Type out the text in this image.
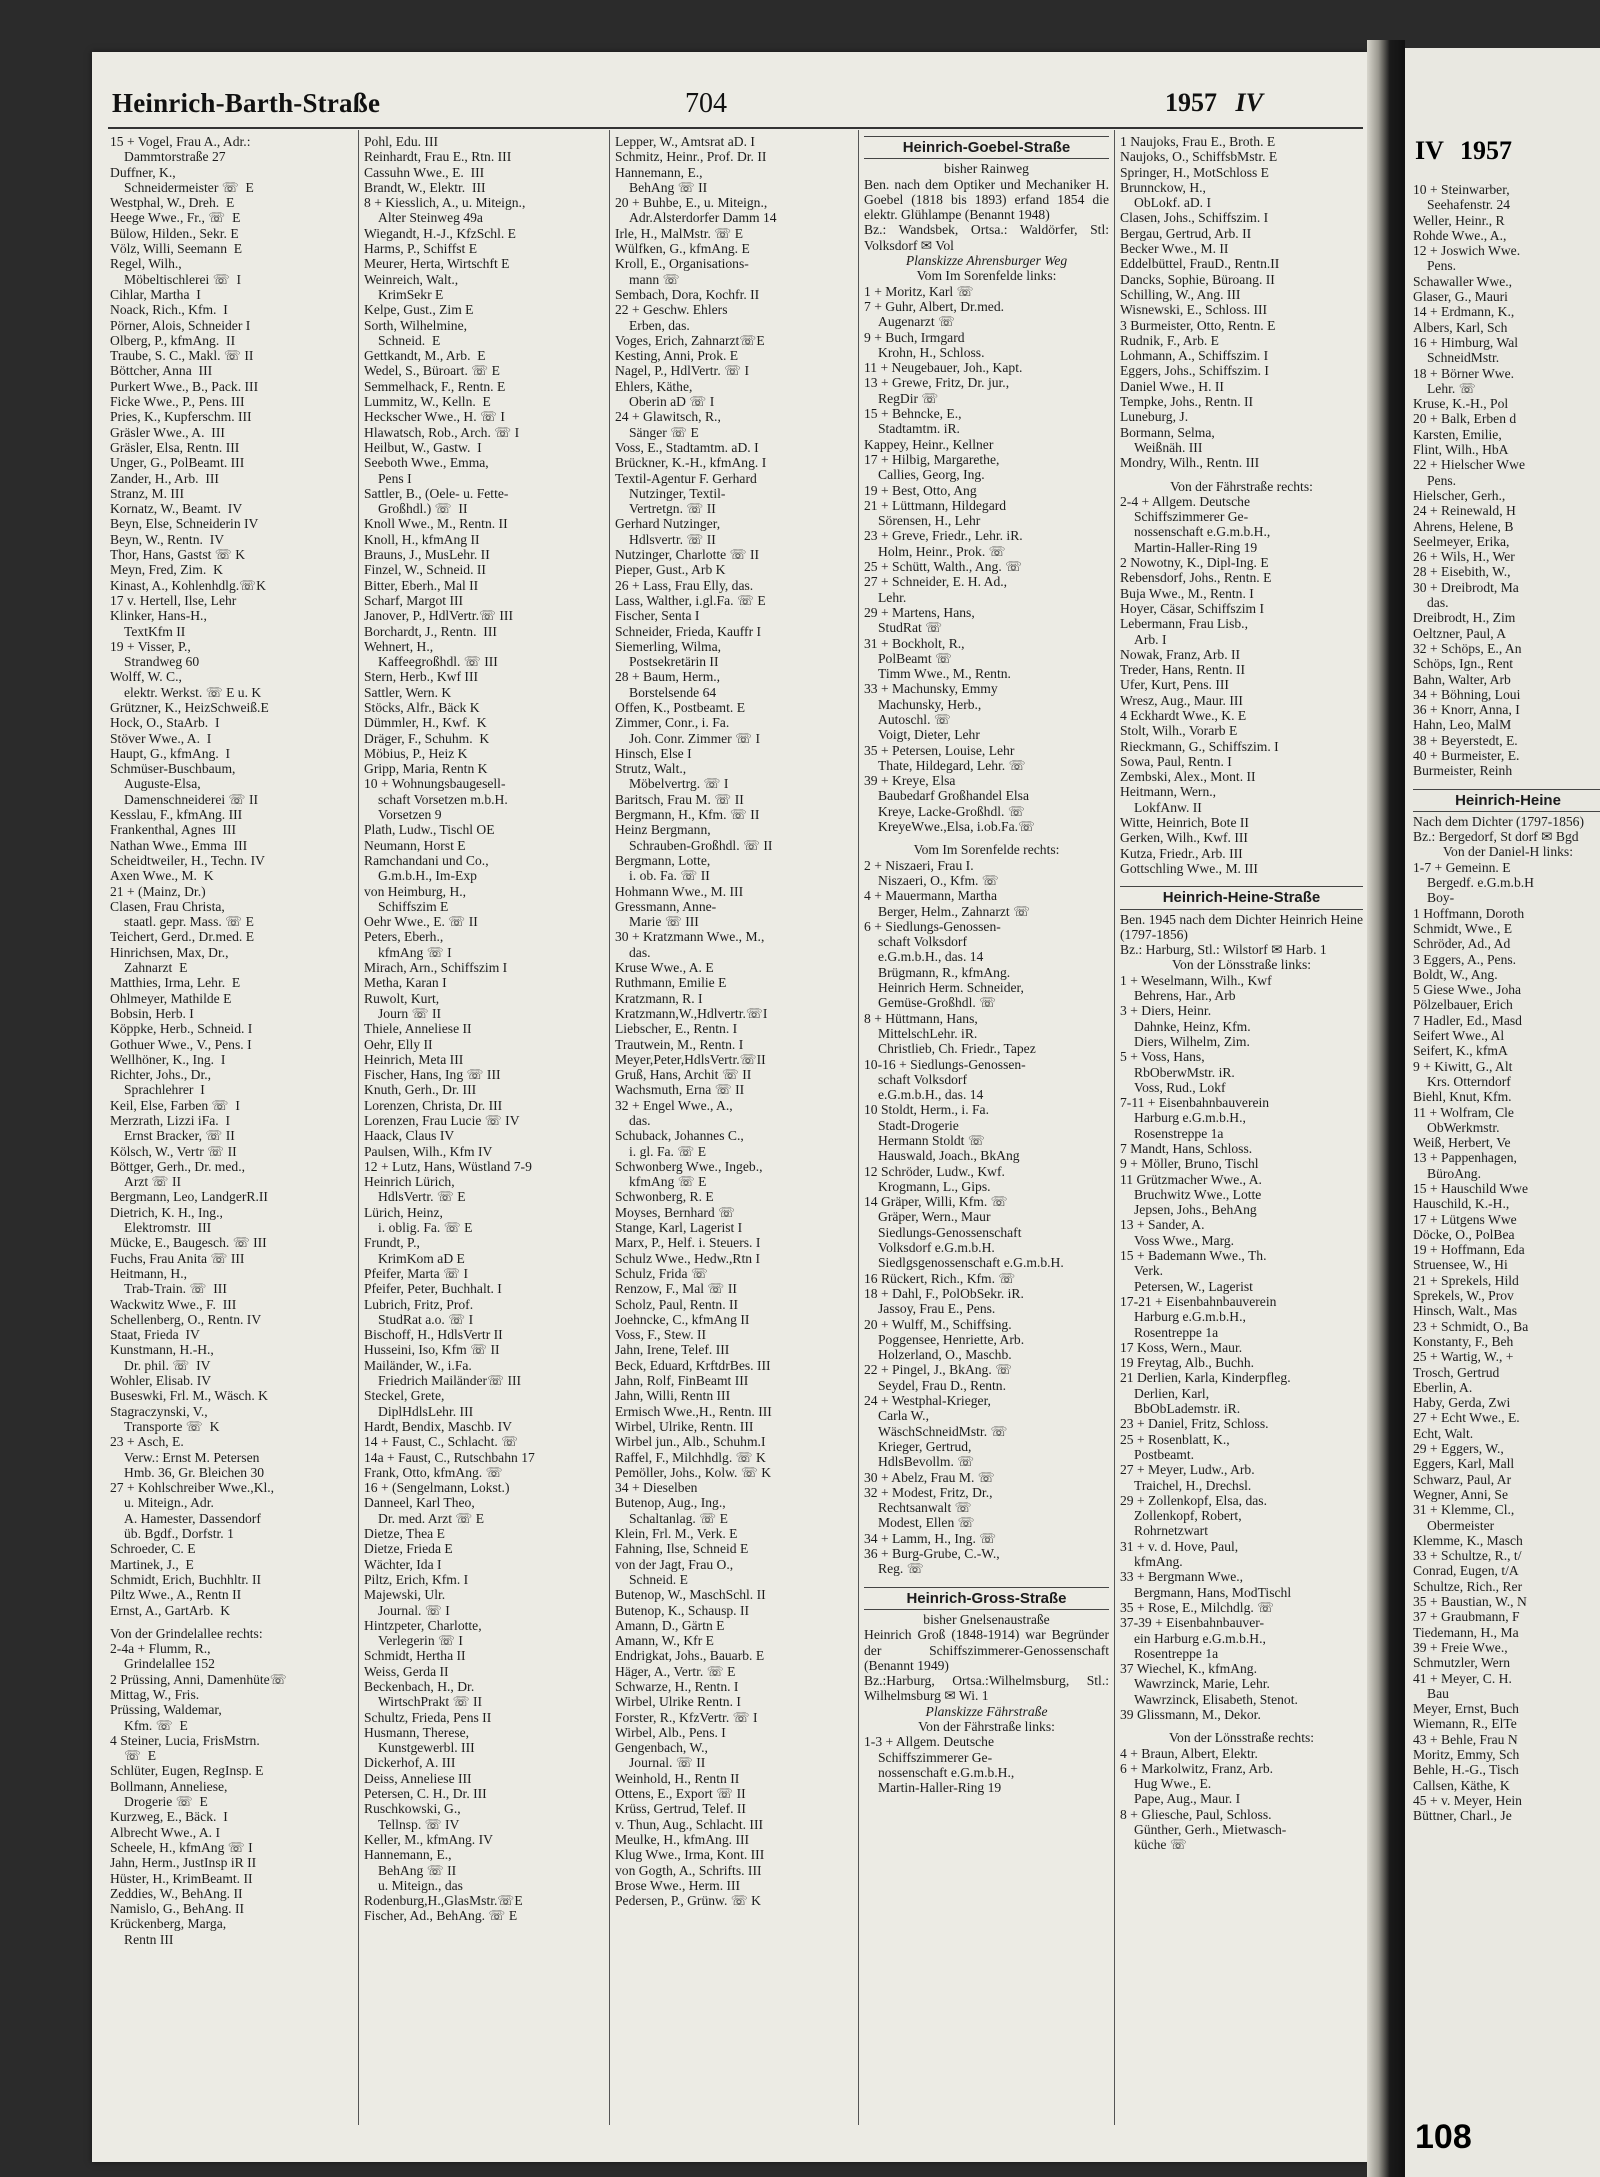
IV 1957
10 + Steinwarber,
Seehafenstr. 24
Weller, Heinr., R
Rohde Wwe., A.,
12 + Joswich Wwe.
Pens.
Schawaller Wwe.,
Glaser, G., Mauri
14 + Erdmann, K.,
Albers, Karl, Sch
16 + Himburg, Wal
SchneidMstr.
18 + Börner Wwe.
Lehr. ☏
Kruse, K.-H., Pol
20 + Balk, Erben d
Karsten, Emilie,
Flint, Wilh., HbA
22 + Hielscher Wwe
Pens.
Hielscher, Gerh.,
24 + Reinewald, H
Ahrens, Helene, B
Seelmeyer, Erika,
26 + Wils, H., Wer
28 + Eisebith, W.,
30 + Dreibrodt, Ma
das.
Dreibrodt, H., Zim
Oeltzner, Paul, A
32 + Schöps, E., An
Schöps, Ign., Rent
Bahn, Walter, Arb
34 + Böhning, Loui
36 + Knorr, Anna, I
Hahn, Leo, MalM
38 + Beyerstedt, E.
40 + Burmeister, E.
Burmeister, Reinh
Heinrich-Heine
Nach dem Dichter (1797-1856)
Bz.: Bergedorf, St dorf ✉ Bgd
Von der Daniel-H links:
1-7 + Gemeinn. E
Bergedf. e.G.m.b.H
Boy-
1 Hoffmann, Doroth
Schmidt, Wwe., E
Schröder, Ad., Ad
3 Eggers, A., Pens.
Boldt, W., Ang.
5 Giese Wwe., Joha
Pölzelbauer, Erich
7 Hadler, Ed., Masd
Seifert Wwe., Al
Seifert, K., kfmA
9 + Kiwitt, G., Alt
Krs. Otterndorf
Biehl, Knut, Kfm.
11 + Wolfram, Cle
ObWerkmstr.
Weiß, Herbert, Ve
13 + Pappenhagen,
BüroAng.
15 + Hauschild Wwe
Hauschild, K.-H.,
17 + Lütgens Wwe
Döcke, O., PolBea
19 + Hoffmann, Eda
Struensee, W., Hi
21 + Sprekels, Hild
Sprekels, W., Prov
Hinsch, Walt., Mas
23 + Schmidt, O., Ba
Konstanty, F., Beh
25 + Wartig, W., +
Trosch, Gertrud
Eberlin, A.
Haby, Gerda, Zwi
27 + Echt Wwe., E.
Echt, Walt.
29 + Eggers, W.,
Eggers, Karl, Mall
Schwarz, Paul, Ar
Wegner, Anni, Se
31 + Klemme, Cl.,
Obermeister
Klemme, K., Masch
33 + Schultze, R., t/
Conrad, Eugen, t/A
Schultze, Rich., Rer
35 + Baustian, W., N
37 + Graubmann, F
Tiedemann, H., Ma
39 + Freie Wwe.,
Schmutzler, Wern
41 + Meyer, C. H.
Bau
Meyer, Ernst, Buch
Wiemann, R., ElTe
43 + Behle, Frau N
Moritz, Emmy, Sch
Behle, H.-G., Tisch
Callsen, Käthe, K
45 + v. Meyer, Hein
Büttner, Charl., Je
108
Heinrich-Barth-Straße	704	1957 IV
15 + Vogel, Frau A., Adr.:
Dammtorstraße 27
Duffner, K.,
Schneidermeister ☏  E
Westphal, W., Dreh.  E
Heege Wwe., Fr., ☏  E
Bülow, Hilden., Sekr. E
Völz, Willi, Seemann  E
Regel, Wilh.,
Möbeltischlerei ☏  I
Cihlar, Martha  I
Noack, Rich., Kfm.  I
Pörner, Alois, Schneider I
Olberg, P., kfmAng.  II
Traube, S. C., Makl. ☏ II
Böttcher, Anna  III
Purkert Wwe., B., Pack. III
Ficke Wwe., P., Pens. III
Pries, K., Kupferschm. III
Gräsler Wwe., A.  III
Gräsler, Elsa, Rentn. III
Unger, G., PolBeamt. III
Zander, H., Arb.  III
Stranz, M. III
Kornatz, W., Beamt.  IV
Beyn, Else, Schneiderin IV
Beyn, W., Rentn.  IV
Thor, Hans, Gastst ☏ K
Meyn, Fred, Zim.  K
Kinast, A., Kohlenhdlg.☏K
17 v. Hertell, Ilse, Lehr
Klinker, Hans-H.,
TextKfm II
19 + Visser, P.,
Strandweg 60
Wolff, W. C.,
elektr. Werkst. ☏ E u. K
Grützner, K., HeizSchweiß.E
Hock, O., StaArb.  I
Stöver Wwe., A.  I
Haupt, G., kfmAng.  I
Schmüser-Buschbaum,
Auguste-Elsa,
Damenschneiderei ☏ II
Kesslau, F., kfmAng. III
Frankenthal, Agnes  III
Nathan Wwe., Emma  III
Scheidtweiler, H., Techn. IV
Axen Wwe., M.  K
21 + (Mainz, Dr.)
Clasen, Frau Christa,
staatl. gepr. Mass. ☏ E
Teichert, Gerd., Dr.med. E
Hinrichsen, Max, Dr.,
Zahnarzt  E
Matthies, Irma, Lehr.  E
Ohlmeyer, Mathilde E
Bobsin, Herb. I
Köppke, Herb., Schneid. I
Gothuer Wwe., V., Pens. I
Wellhöner, K., Ing.  I
Richter, Johs., Dr.,
Sprachlehrer  I
Keil, Else, Farben ☏  I
Merzrath, Lizzi iFa.  I
Ernst Bracker, ☏ II
Kölsch, W., Vertr ☏ II
Böttger, Gerh., Dr. med.,
Arzt ☏ II
Bergmann, Leo, LandgerR.II
Dietrich, K. H., Ing.,
Elektromstr.  III
Mücke, E., Baugesch. ☏ III
Fuchs, Frau Anita ☏ III
Heitmann, H.,
Trab-Train. ☏  III
Wackwitz Wwe., F.  III
Schellenberg, O., Rentn. IV
Staat, Frieda  IV
Kunstmann, H.-H.,
Dr. phil. ☏  IV
Wohler, Elisab. IV
Buseswki, Frl. M., Wäsch. K
Stagraczynski, V.,
Transporte ☏  K
23 + Asch, E.
Verw.: Ernst M. Petersen
Hmb. 36, Gr. Bleichen 30
27 + Kohlschreiber Wwe.,Kl.,
u. Miteign., Adr.
A. Hamester, Dassendorf
üb. Bgdf., Dorfstr. 1
Schroeder, C. E
Martinek, J.,  E
Schmidt, Erich, Buchhltr. II
Piltz Wwe., A., Rentn II
Ernst, A., GartArb.  K
Von der Grindelallee rechts:
2-4a + Flumm, R.,
Grindelallee 152
2 Prüssing, Anni, Damenhüte☏
Mittag, W., Fris.
Prüssing, Waldemar,
Kfm. ☏  E
4 Steiner, Lucia, FrisMstrn.
☏  E
Schlüter, Eugen, RegInsp. E
Bollmann, Anneliese,
Drogerie ☏  E
Kurzweg, E., Bäck.  I
Albrecht Wwe., A. I
Scheele, H., kfmAng ☏ I
Jahn, Herm., JustInsp iR II
Hüster, H., KrimBeamt. II
Zeddies, W., BehAng. II
Namislo, G., BehAng. II
Krückenberg, Marga,
Rentn III
Pohl, Edu. III
Reinhardt, Frau E., Rtn. III
Cassuhn Wwe., E.  III
Brandt, W., Elektr.  III
8 + Kiesslich, A., u. Miteign.,
Alter Steinweg 49a
Wiegandt, H.-J., KfzSchl. E
Harms, P., Schiffst E
Meurer, Herta, Wirtschft E
Weinreich, Walt.,
KrimSekr E
Kelpe, Gust., Zim E
Sorth, Wilhelmine,
Schneid.  E
Gettkandt, M., Arb.  E
Wedel, S., Büroart. ☏ E
Semmelhack, F., Rentn. E
Lummitz, W., Kelln.  E
Heckscher Wwe., H. ☏ I
Hlawatsch, Rob., Arch. ☏ I
Heilbut, W., Gastw.  I
Seeboth Wwe., Emma,
Pens I
Sattler, B., (Oele- u. Fette-
Großhdl.) ☏  II
Knoll Wwe., M., Rentn. II
Knoll, H., kfmAng II
Brauns, J., MusLehr. II
Finzel, W., Schneid. II
Bitter, Eberh., Mal II
Scharf, Margot III
Janover, P., HdlVertr.☏ III
Borchardt, J., Rentn.  III
Wehnert, H.,
Kaffeegroßhdl. ☏ III
Stern, Herb., Kwf III
Sattler, Wern. K
Stöcks, Alfr., Bäck K
Dümmler, H., Kwf.  K
Dräger, F., Schuhm.  K
Möbius, P., Heiz K
Gripp, Maria, Rentn K
10 + Wohnungsbaugesell-
schaft Vorsetzen m.b.H.
Vorsetzen 9
Plath, Ludw., Tischl OE
Neumann, Horst E
Ramchandani und Co.,
G.m.b.H., Im-Exp
von Heimburg, H.,
Schiffszim E
Oehr Wwe., E. ☏ II
Peters, Eberh.,
kfmAng ☏ I
Mirach, Arn., Schiffszim I
Metha, Karan I
Ruwolt, Kurt,
Journ ☏ II
Thiele, Anneliese II
Oehr, Elly II
Heinrich, Meta III
Fischer, Hans, Ing ☏ III
Knuth, Gerh., Dr. III
Lorenzen, Christa, Dr. III
Lorenzen, Frau Lucie ☏ IV
Haack, Claus IV
Paulsen, Wilh., Kfm IV
12 + Lutz, Hans, Wüstland 7-9
Heinrich Lürich,
HdlsVertr. ☏ E
Lürich, Heinz,
i. oblig. Fa. ☏ E
Frundt, P.,
KrimKom aD E
Pfeifer, Marta ☏ I
Pfeifer, Peter, Buchhalt. I
Lubrich, Fritz, Prof.
StudRat a.o. ☏ I
Bischoff, H., HdlsVertr II
Husseini, Iso, Kfm ☏ II
Mailänder, W., i.Fa.
Friedrich Mailänder☏ III
Steckel, Grete,
DiplHdlsLehr. III
Hardt, Bendix, Maschb. IV
14 + Faust, C., Schlacht. ☏
14a + Faust, C., Rutschbahn 17
Frank, Otto, kfmAng. ☏
16 + (Sengelmann, Lokst.)
Danneel, Karl Theo,
Dr. med. Arzt ☏ E
Dietze, Thea E
Dietze, Frieda E
Wächter, Ida I
Piltz, Erich, Kfm. I
Majewski, Ulr.
Journal. ☏ I
Hintzpeter, Charlotte,
Verlegerin ☏ I
Schmidt, Hertha II
Weiss, Gerda II
Beckenbach, H., Dr.
WirtschPrakt ☏ II
Schultz, Frieda, Pens II
Husmann, Therese,
Kunstgewerbl. III
Dickerhof, A. III
Deiss, Anneliese III
Petersen, C. H., Dr. III
Ruschkowski, G.,
Tellnsp. ☏ IV
Keller, M., kfmAng. IV
Hannemann, E.,
BehAng ☏ II
u. Miteign., das
Rodenburg,H.,GlasMstr.☏E
Fischer, Ad., BehAng. ☏ E
Lepper, W., Amtsrat aD. I
Schmitz, Heinr., Prof. Dr. II
Hannemann, E.,
BehAng ☏ II
20 + Buhbe, E., u. Miteign.,
Adr.Alsterdorfer Damm 14
Irle, H., MalMstr. ☏ E
Wülfken, G., kfmAng. E
Kroll, E., Organisations-
mann ☏
Sembach, Dora, Kochfr. II
22 + Geschw. Ehlers
Erben, das.
Voges, Erich, Zahnarzt☏E
Kesting, Anni, Prok. E
Nagel, P., HdlVertr. ☏ I
Ehlers, Käthe,
Oberin aD ☏ I
24 + Glawitsch, R.,
Sänger ☏ E
Voss, E., Stadtamtm. aD. I
Brückner, K.-H., kfmAng. I
Textil-Agentur F. Gerhard
Nutzinger, Textil-
Vertretgn. ☏ II
Gerhard Nutzinger,
Hdlsvertr. ☏ II
Nutzinger, Charlotte ☏ II
Pieper, Gust., Arb K
26 + Lass, Frau Elly, das.
Lass, Walther, i.gl.Fa. ☏ E
Fischer, Senta I
Schneider, Frieda, Kauffr I
Siemerling, Wilma,
Postsekretärin II
28 + Baum, Herm.,
Borstelsende 64
Offen, K., Postbeamt. E
Zimmer, Conr., i. Fa.
Joh. Conr. Zimmer ☏ I
Hinsch, Else I
Strutz, Walt.,
Möbelvertrg. ☏ I
Baritsch, Frau M. ☏ II
Bergmann, H., Kfm. ☏ II
Heinz Bergmann,
Schrauben-Großhdl. ☏ II
Bergmann, Lotte,
i. ob. Fa. ☏ II
Hohmann Wwe., M. III
Gressmann, Anne-
Marie ☏ III
30 + Kratzmann Wwe., M.,
das.
Kruse Wwe., A. E
Ruthmann, Emilie E
Kratzmann, R. I
Kratzmann,W.,Hdlvertr.☏I
Liebscher, E., Rentn. I
Trautwein, M., Rentn. I
Meyer,Peter,HdlsVertr.☏II
Gruß, Hans, Archit ☏ II
Wachsmuth, Erna ☏ II
32 + Engel Wwe., A.,
das.
Schuback, Johannes C.,
i. gl. Fa. ☏ E
Schwonberg Wwe., Ingeb.,
kfmAng ☏ E
Schwonberg, R. E
Moyses, Bernhard ☏
Stange, Karl, Lagerist I
Marx, P., Helf. i. Steuers. I
Schulz Wwe., Hedw.,Rtn I
Schulz, Frida ☏
Renzow, F., Mal ☏ II
Scholz, Paul, Rentn. II
Joehncke, C., kfmAng II
Voss, F., Stew. II
Jahn, Irene, Telef. III
Beck, Eduard, KrftdrBes. III
Jahn, Rolf, FinBeamt III
Jahn, Willi, Rentn III
Ermisch Wwe.,H., Rentn. III
Wirbel, Ulrike, Rentn. III
Wirbel jun., Alb., Schuhm.I
Raffel, F., Milchhdlg. ☏ K
Pemöller, Johs., Kolw. ☏ K
34 + Dieselben
Butenop, Aug., Ing.,
Schaltanlag. ☏ E
Klein, Frl. M., Verk. E
Fahning, Ilse, Schneid E
von der Jagt, Frau O.,
Schneid. E
Butenop, W., MaschSchl. II
Butenop, K., Schausp. II
Amann, D., Gärtn E
Amann, W., Kfr E
Endrigkat, Johs., Bauarb. E
Häger, A., Vertr. ☏ E
Schwarze, H., Rentn. I
Wirbel, Ulrike Rentn. I
Forster, R., KfzVertr. ☏ I
Wirbel, Alb., Pens. I
Gengenbach, W.,
Journal. ☏ II
Weinhold, H., Rentn II
Ottens, E., Export ☏ II
Krüss, Gertrud, Telef. II
v. Thun, Aug., Schlacht. III
Meulke, H., kfmAng. III
Klug Wwe., Irma, Kont. III
von Gogth, A., Schrifts. III
Brose Wwe., Herm. III
Pedersen, P., Grünw. ☏ K
Heinrich-Goebel-Straße
bisher Rainweg
Ben. nach dem Optiker und Mechaniker H. Goebel (1818 bis 1893) erfand 1854 die elektr. Glühlampe (Benannt 1948)
Bz.: Wandsbek, Ortsa.: Waldörfer, Stl: Volksdorf ✉ Vol
Planskizze Ahrensburger Weg
Vom Im Sorenfelde links:
1 + Moritz, Karl ☏
7 + Guhr, Albert, Dr.med.
Augenarzt ☏
9 + Buch, Irmgard
Krohn, H., Schloss.
11 + Neugebauer, Joh., Kapt.
13 + Grewe, Fritz, Dr. jur.,
RegDir ☏
15 + Behncke, E.,
Stadtamtm. iR.
Kappey, Heinr., Kellner
17 + Hilbig, Margarethe,
Callies, Georg, Ing.
19 + Best, Otto, Ang
21 + Lüttmann, Hildegard
Sörensen, H., Lehr
23 + Greve, Friedr., Lehr. iR.
Holm, Heinr., Prok. ☏
25 + Schütt, Walth., Ang. ☏
27 + Schneider, E. H. Ad.,
Lehr.
29 + Martens, Hans,
StudRat ☏
31 + Bockholt, R.,
PolBeamt ☏
Timm Wwe., M., Rentn.
33 + Machunsky, Emmy
Machunsky, Herb.,
Autoschl. ☏
Voigt, Dieter, Lehr
35 + Petersen, Louise, Lehr
Thate, Hildegard, Lehr. ☏
39 + Kreye, Elsa
Baubedarf Großhandel Elsa
Kreye, Lacke-Großhdl. ☏
KreyeWwe.,Elsa, i.ob.Fa.☏
Vom Im Sorenfelde rechts:
2 + Niszaeri, Frau I.
Niszaeri, O., Kfm. ☏
4 + Mauermann, Martha
Berger, Helm., Zahnarzt ☏
6 + Siedlungs-Genossen-
schaft Volksdorf
e.G.m.b.H., das. 14
Brügmann, R., kfmAng.
Heinrich Herm. Schneider,
Gemüse-Großhdl. ☏
8 + Hüttmann, Hans,
MittelschLehr. iR.
Christlieb, Ch. Friedr., Tapez
10-16 + Siedlungs-Genossen-
schaft Volksdorf
e.G.m.b.H., das. 14
10 Stoldt, Herm., i. Fa.
Stadt-Drogerie
Hermann Stoldt ☏
Hauswald, Joach., BkAng
12 Schröder, Ludw., Kwf.
Krogmann, L., Gips.
14 Gräper, Willi, Kfm. ☏
Gräper, Wern., Maur
Siedlungs-Genossenschaft
Volksdorf e.G.m.b.H.
Siedlgsgenossenschaft e.G.m.b.H.
16 Rückert, Rich., Kfm. ☏
18 + Dahl, F., PolObSekr. iR.
Jassoy, Frau E., Pens.
20 + Wulff, M., Schiffsing.
Poggensee, Henriette, Arb.
Holzerland, O., Maschb.
22 + Pingel, J., BkAng. ☏
Seydel, Frau D., Rentn.
24 + Westphal-Krieger,
Carla W.,
WäschSchneidMstr. ☏
Krieger, Gertrud,
HdlsBevollm. ☏
30 + Abelz, Frau M. ☏
32 + Modest, Fritz, Dr.,
Rechtsanwalt ☏
Modest, Ellen ☏
34 + Lamm, H., Ing. ☏
36 + Burg-Grube, C.-W.,
Reg. ☏
Heinrich-Gross-Straße
bisher Gnelsenaustraße
Heinrich Groß (1848-1914) war Begründer der Schiffszimmerer-Genossenschaft (Benannt 1949)
Bz.:Harburg, Ortsa.:Wilhelmsburg, Stl.: Wilhelmsburg ✉ Wi. 1
Planskizze Fährstraße
Von der Fährstraße links:
1-3 + Allgem. Deutsche
Schiffszimmerer Ge-
nossenschaft e.G.m.b.H.,
Martin-Haller-Ring 19
1 Naujoks, Frau E., Broth. E
Naujoks, O., SchiffsbMstr. E
Springer, H., MotSchloss E
Brunnckow, H.,
ObLokf. aD. I
Clasen, Johs., Schiffszim. I
Bergau, Gertrud, Arb. II
Becker Wwe., M. II
Eddelbüttel, FrauD., Rentn.II
Dancks, Sophie, Büroang. II
Schilling, W., Ang. III
Wisnewski, E., Schloss. III
3 Burmeister, Otto, Rentn. E
Rudnik, F., Arb. E
Lohmann, A., Schiffszim. I
Eggers, Johs., Schiffszim. I
Daniel Wwe., H. II
Tempke, Johs., Rentn. II
Luneburg, J.
Bormann, Selma,
Weißnäh. III
Mondry, Wilh., Rentn. III
Von der Fährstraße rechts:
2-4 + Allgem. Deutsche
Schiffszimmerer Ge-
nossenschaft e.G.m.b.H.,
Martin-Haller-Ring 19
2 Nowotny, K., Dipl-Ing. E
Rebensdorf, Johs., Rentn. E
Buja Wwe., M., Rentn. I
Hoyer, Cäsar, Schiffszim I
Lebermann, Frau Lisb.,
Arb. I
Nowak, Franz, Arb. II
Treder, Hans, Rentn. II
Ufer, Kurt, Pens. III
Wresz, Aug., Maur. III
4 Eckhardt Wwe., K. E
Stolt, Wilh., Vorarb E
Rieckmann, G., Schiffszim. I
Sowa, Paul, Rentn. I
Zembski, Alex., Mont. II
Heitmann, Wern.,
LokfAnw. II
Witte, Heinrich, Bote II
Gerken, Wilh., Kwf. III
Kutza, Friedr., Arb. III
Gottschling Wwe., M. III
Heinrich-Heine-Straße
Ben. 1945 nach dem Dichter Heinrich Heine (1797-1856)
Bz.: Harburg, Stl.: Wilstorf ✉ Harb. 1
Von der Lönsstraße links:
1 + Weselmann, Wilh., Kwf
Behrens, Har., Arb
3 + Diers, Heinr.
Dahnke, Heinz, Kfm.
Diers, Wilhelm, Zim.
5 + Voss, Hans,
RbOberwMstr. iR.
Voss, Rud., Lokf
7-11 + Eisenbahnbauverein
Harburg e.G.m.b.H.,
Rosenstreppe 1a
7 Mandt, Hans, Schloss.
9 + Möller, Bruno, Tischl
11 Grützmacher Wwe., A.
Bruchwitz Wwe., Lotte
Jepsen, Johs., BehAng
13 + Sander, A.
Voss Wwe., Marg.
15 + Bademann Wwe., Th.
Verk.
Petersen, W., Lagerist
17-21 + Eisenbahnbauverein
Harburg e.G.m.b.H.,
Rosentreppe 1a
17 Koss, Wern., Maur.
19 Freytag, Alb., Buchh.
21 Derlien, Karla, Kinderpfleg.
Derlien, Karl,
BbObLademstr. iR.
23 + Daniel, Fritz, Schloss.
25 + Rosenblatt, K.,
Postbeamt.
27 + Meyer, Ludw., Arb.
Traichel, H., Drechsl.
29 + Zollenkopf, Elsa, das.
Zollenkopf, Robert,
Rohrnetzwart
31 + v. d. Hove, Paul,
kfmAng.
33 + Bergmann Wwe.,
Bergmann, Hans, ModTischl
35 + Rose, E., Milchdlg. ☏
37-39 + Eisenbahnbauver-
ein Harburg e.G.m.b.H.,
Rosentreppe 1a
37 Wiechel, K., kfmAng.
Wawrzinck, Marie, Lehr.
Wawrzinck, Elisabeth, Stenot.
39 Glissmann, M., Dekor.
Von der Lönsstraße rechts:
4 + Braun, Albert, Elektr.
6 + Markolwitz, Franz, Arb.
Hug Wwe., E.
Pape, Aug., Maur. I
8 + Gliesche, Paul, Schloss.
Günther, Gerh., Mietwasch-
küche ☏
